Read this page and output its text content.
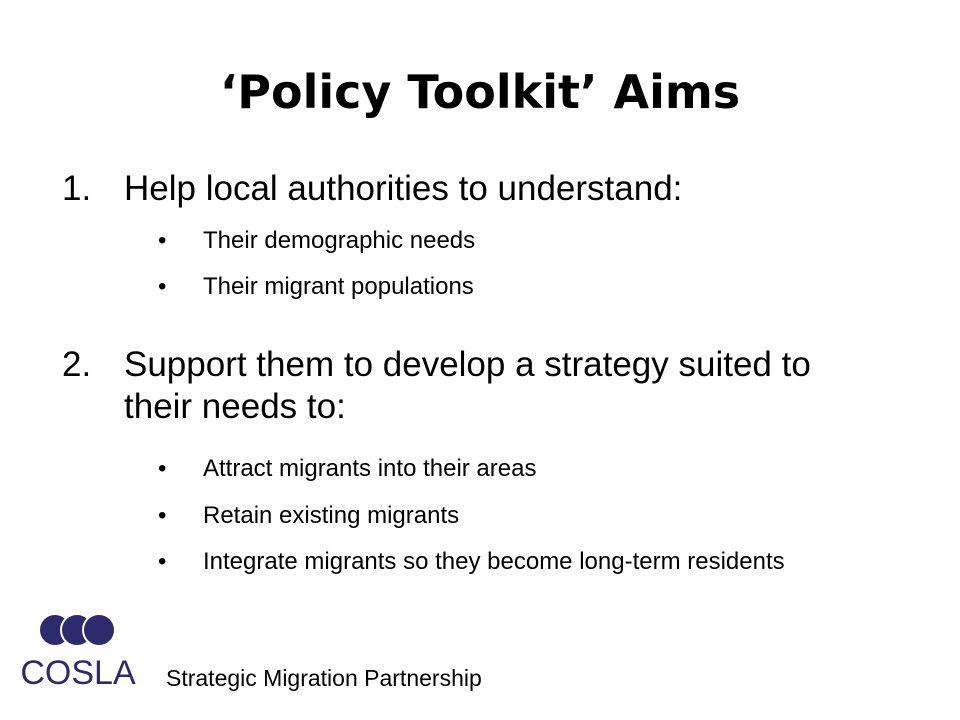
‘Policy Toolkit’ Aims
1. Help local authorities to understand:
• Their demographic needs
• Their migrant populations
2. Support them to develop a strategy suited to their needs to:
• Attract migrants into their areas
• Retain existing migrants
• Integrate migrants so they become long-term residents
COSLA Strategic Migration Partnership
